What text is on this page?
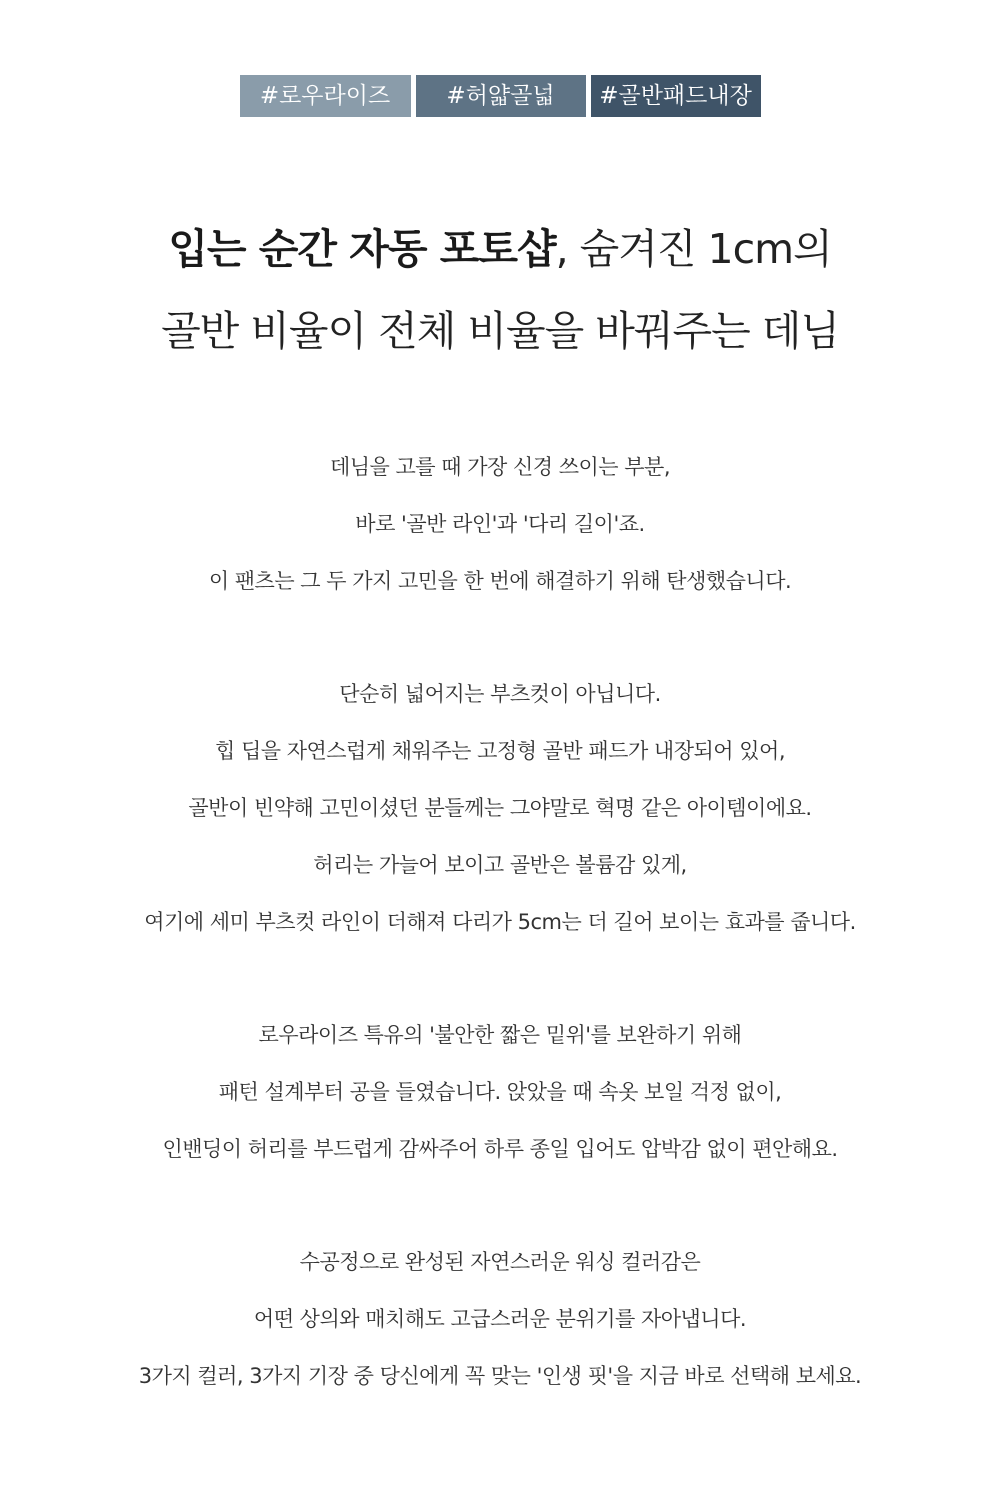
#로우라이즈	#허얇골넓	#골반패드내장
입는 순간 자동 포토샵, 숨겨진 1cm의
골반 비율이 전체 비율을 바꿔주는 데님
데님을 고를 때 가장 신경 쓰이는 부분,
바로 '골반 라인'과 '다리 길이'죠.
이 팬츠는 그 두 가지 고민을 한 번에 해결하기 위해 탄생했습니다.
단순히 넓어지는 부츠컷이 아닙니다.
힙 딥을 자연스럽게 채워주는 고정형 골반 패드가 내장되어 있어,
골반이 빈약해 고민이셨던 분들께는 그야말로 혁명 같은 아이템이에요.
허리는 가늘어 보이고 골반은 볼륨감 있게,
여기에 세미 부츠컷 라인이 더해져 다리가 5cm는 더 길어 보이는 효과를 줍니다.
로우라이즈 특유의 '불안한 짧은 밑위'를 보완하기 위해
패턴 설계부터 공을 들였습니다. 앉았을 때 속옷 보일 걱정 없이,
인밴딩이 허리를 부드럽게 감싸주어 하루 종일 입어도 압박감 없이 편안해요.
수공정으로 완성된 자연스러운 워싱 컬러감은
어떤 상의와 매치해도 고급스러운 분위기를 자아냅니다.
3가지 컬러, 3가지 기장 중 당신에게 꼭 맞는 '인생 핏'을 지금 바로 선택해 보세요.
